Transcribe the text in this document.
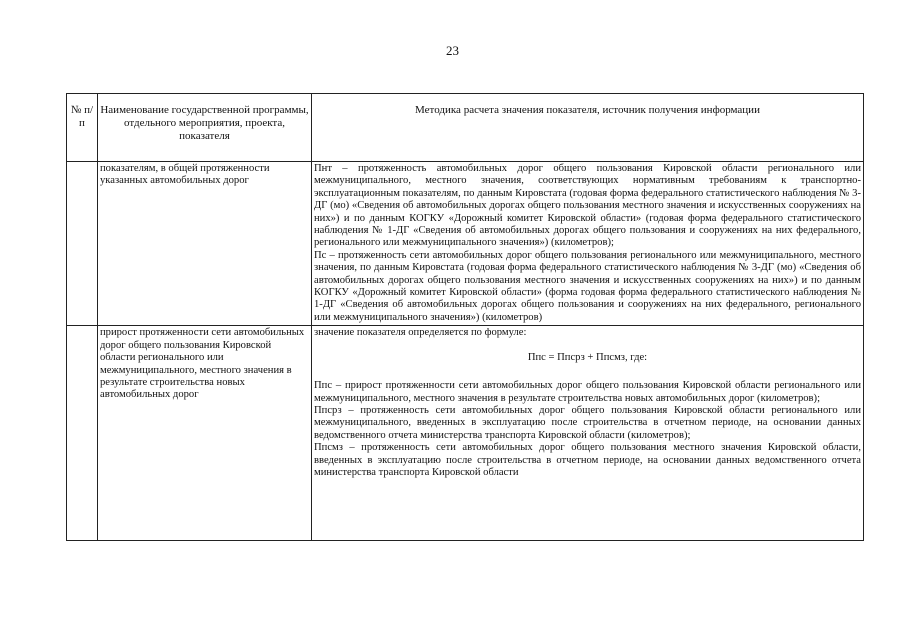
23
№ п/п	Наименование государственной программы, отдельного мероприятия, проекта, показателя	Методика расчета значения показателя, источник получения информации
	показателям, в общей протяженности указанных автомобильных дорог	Пнт – протяженность автомобильных дорог общего пользования Кировской области регионального или межмуниципального, местного значения, соответствующих нормативным требованиям к транспортно-эксплуатационным показателям, по данным Кировстата (годовая форма федерального статистического наблюдения № 3-ДГ (мо) «Сведения об автомобильных дорогах общего пользования местного значения и искусственных сооружениях на них») и по данным КОГКУ «Дорожный комитет Кировской области» (годовая форма федерального статистического наблюдения № 1-ДГ «Сведения об автомобильных дорогах общего пользования и сооружениях на них федерального, регионального или межмуниципального значения») (километров);

Пс – протяженность сети автомобильных дорог общего пользования регионального или межмуниципального, местного значения, по данным Кировстата (годовая форма федерального статистического наблюдения № 3-ДГ (мо) «Сведения об автомобильных дорогах общего пользования местного значения и искусственных сооружениях на них») и по данным КОГКУ «Дорожный комитет Кировской области» (форма годовая форма федерального статистического наблюдения № 1-ДГ «Сведения об автомобильных дорогах общего пользования и сооружениях на них федерального, регионального или межмуниципального значения») (километров)

	прирост протяженности сети автомобильных дорог общего пользования Кировской области регионального или межмуниципального, местного значения в результате строительства новых автомобильных дорог	значение показателя определяется по формуле:

Ппс = Ппсрз + Ппсмз, где:

Ппс – прирост протяженности сети автомобильных дорог общего пользования Кировской области регионального или межмуниципального, местного значения в результате строительства новых автомобильных дорог (километров);

Ппсрз – протяженность сети автомобильных дорог общего пользования Кировской области регионального или межмуниципального, введенных в эксплуатацию после строительства в отчетном периоде, на основании данных ведомственного отчета министерства транспорта Кировской области (километров);

Ппсмз – протяженность сети автомобильных дорог общего пользования местного значения Кировской области, введенных в эксплуатацию после строительства в отчетном периоде, на основании данных ведомственного отчета министерства транспорта Кировской области
